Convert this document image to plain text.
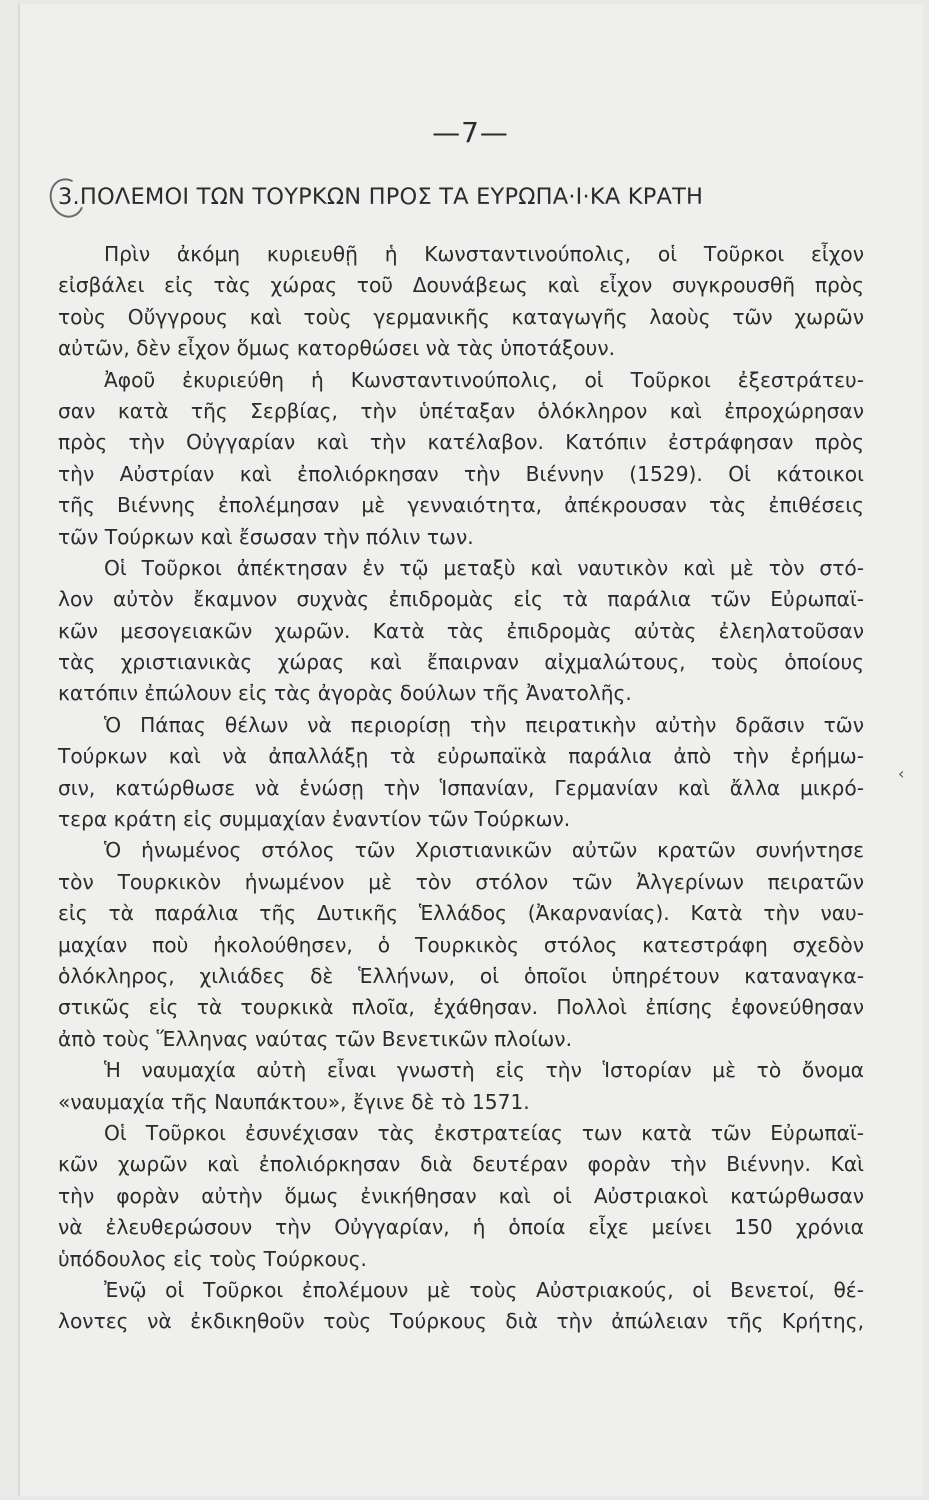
—7—
3.ΠΟΛΕΜΟΙ ΤΩΝ ΤΟΥΡΚΩΝ ΠΡΟΣ ΤΑ ΕΥΡΩΠΑ·Ι·ΚΑ ΚΡΑΤΗ
Πρὶν ἀκόμη κυριευθῇ ἡ Κωνσταντινούπολις, οἱ Τοῦρκοι εἶχον
εἰσβάλει εἰς τὰς χώρας τοῦ Δουνάβεως καὶ εἶχον συγκρουσθῆ πρὸς
τοὺς Οὔγγρους καὶ τοὺς γερμανικῆς καταγωγῆς λαοὺς τῶν χωρῶν
αὐτῶν, δὲν εἶχον ὅμως κατορθώσει νὰ τὰς ὑποτάξουν.
Ἀφοῦ ἐκυριεύθη ἡ Κωνσταντινούπολις, οἱ Τοῦρκοι ἐξεστράτευ-
σαν κατὰ τῆς Σερβίας, τὴν ὑπέταξαν ὁλόκληρον καὶ ἐπροχώρησαν
πρὸς τὴν Οὐγγαρίαν καὶ τὴν κατέλαβον. Κατόπιν ἐστράφησαν πρὸς
τὴν Αὐστρίαν καὶ ἐπολιόρκησαν τὴν Βιέννην (1529). Οἱ κάτοικοι
τῆς Βιέννης ἐπολέμησαν μὲ γενναιότητα, ἀπέκρουσαν τὰς ἐπιθέσεις
τῶν Τούρκων καὶ ἔσωσαν τὴν πόλιν των.
Οἱ Τοῦρκοι ἀπέκτησαν ἐν τῷ μεταξὺ καὶ ναυτικὸν καὶ μὲ τὸν στό-
λον αὐτὸν ἔκαμνον συχνὰς ἐπιδρομὰς εἰς τὰ παράλια τῶν Εὐρωπαϊ-
κῶν μεσογειακῶν χωρῶν. Κατὰ τὰς ἐπιδρομὰς αὐτὰς ἐλεηλατοῦσαν
τὰς χριστιανικὰς χώρας καὶ ἔπαιρναν αἰχμαλώτους, τοὺς ὁποίους
κατόπιν ἐπώλουν εἰς τὰς ἀγορὰς δούλων τῆς Ἀνατολῆς.
Ὁ Πάπας θέλων νὰ περιορίσῃ τὴν πειρατικὴν αὐτὴν δρᾶσιν τῶν
Τούρκων καὶ νὰ ἀπαλλάξῃ τὰ εὐρωπαϊκὰ παράλια ἀπὸ τὴν ἐρήμω-
σιν, κατώρθωσε νὰ ἑνώσῃ τὴν Ἱσπανίαν, Γερμανίαν καὶ ἄλλα μικρό-
τερα κράτη εἰς συμμαχίαν ἐναντίον τῶν Τούρκων.
Ὁ ἡνωμένος στόλος τῶν Χριστιανικῶν αὐτῶν κρατῶν συνήντησε
τὸν Τουρκικὸν ἡνωμένον μὲ τὸν στόλον τῶν Ἀλγερίνων πειρατῶν
εἰς τὰ παράλια τῆς Δυτικῆς Ἑλλάδος (Ἀκαρνανίας). Κατὰ τὴν ναυ-
μαχίαν ποὺ ἠκολούθησεν, ὁ Τουρκικὸς στόλος κατεστράφη σχεδὸν
ὁλόκληρος, χιλιάδες δὲ Ἑλλήνων, οἱ ὁποῖοι ὑπηρέτουν καταναγκα-
στικῶς εἰς τὰ τουρκικὰ πλοῖα, ἐχάθησαν. Πολλοὶ ἐπίσης ἐφονεύθησαν
ἀπὸ τοὺς Ἕλληνας ναύτας τῶν Βενετικῶν πλοίων.
Ἡ ναυμαχία αὐτὴ εἶναι γνωστὴ εἰς τὴν Ἱστορίαν μὲ τὸ ὄνομα
«ναυμαχία τῆς Ναυπάκτου», ἔγινε δὲ τὸ 1571.
Οἱ Τοῦρκοι ἐσυνέχισαν τὰς ἐκστρατείας των κατὰ τῶν Εὐρωπαϊ-
κῶν χωρῶν καὶ ἐπολιόρκησαν διὰ δευτέραν φορὰν τὴν Βιέννην. Καὶ
τὴν φορὰν αὐτὴν ὅμως ἐνικήθησαν καὶ οἱ Αὐστριακοὶ κατώρθωσαν
νὰ ἐλευθερώσουν τὴν Οὐγγαρίαν, ἡ ὁποία εἶχε μείνει 150 χρόνια
ὑπόδουλος εἰς τοὺς Τούρκους.
Ἐνῷ οἱ Τοῦρκοι ἐπολέμουν μὲ τοὺς Αὐστριακούς, οἱ Βενετοί, θέ-
λοντες νὰ ἐκδικηθοῦν τοὺς Τούρκους διὰ τὴν ἀπώλειαν τῆς Κρήτης,
‹
